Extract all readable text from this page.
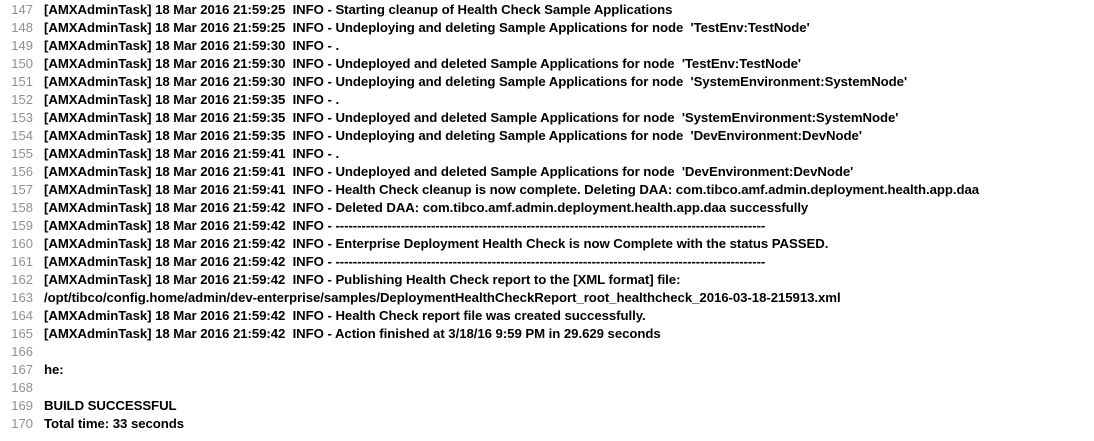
147 [AMXAdminTask] 18 Mar 2016 21:59:25  INFO - Starting cleanup of Health Check Sample Applications
148 [AMXAdminTask] 18 Mar 2016 21:59:25  INFO - Undeploying and deleting Sample Applications for node  'TestEnv:TestNode'
149 [AMXAdminTask] 18 Mar 2016 21:59:30  INFO - .
150 [AMXAdminTask] 18 Mar 2016 21:59:30  INFO - Undeployed and deleted Sample Applications for node  'TestEnv:TestNode'
151 [AMXAdminTask] 18 Mar 2016 21:59:30  INFO - Undeploying and deleting Sample Applications for node  'SystemEnvironment:SystemNode'
152 [AMXAdminTask] 18 Mar 2016 21:59:35  INFO - .
153 [AMXAdminTask] 18 Mar 2016 21:59:35  INFO - Undeployed and deleted Sample Applications for node  'SystemEnvironment:SystemNode'
154 [AMXAdminTask] 18 Mar 2016 21:59:35  INFO - Undeploying and deleting Sample Applications for node  'DevEnvironment:DevNode'
155 [AMXAdminTask] 18 Mar 2016 21:59:41  INFO - .
156 [AMXAdminTask] 18 Mar 2016 21:59:41  INFO - Undeployed and deleted Sample Applications for node  'DevEnvironment:DevNode'
157 [AMXAdminTask] 18 Mar 2016 21:59:41  INFO - Health Check cleanup is now complete. Deleting DAA: com.tibco.amf.admin.deployment.health.app.daa
158 [AMXAdminTask] 18 Mar 2016 21:59:42  INFO - Deleted DAA: com.tibco.amf.admin.deployment.health.app.daa successfully
159 [AMXAdminTask] 18 Mar 2016 21:59:42  INFO - ---------------------------------------------------------------------------------------------------
160 [AMXAdminTask] 18 Mar 2016 21:59:42  INFO - Enterprise Deployment Health Check is now Complete with the status PASSED.
161 [AMXAdminTask] 18 Mar 2016 21:59:42  INFO - ---------------------------------------------------------------------------------------------------
162 [AMXAdminTask] 18 Mar 2016 21:59:42  INFO - Publishing Health Check report to the [XML format] file:
163 /opt/tibco/config.home/admin/dev-enterprise/samples/DeploymentHealthCheckReport_root_healthcheck_2016-03-18-215913.xml
164 [AMXAdminTask] 18 Mar 2016 21:59:42  INFO - Health Check report file was created successfully.
165 [AMXAdminTask] 18 Mar 2016 21:59:42  INFO - Action finished at 3/18/16 9:59 PM in 29.629 seconds
166
167 he:
168
169 BUILD SUCCESSFUL
170 Total time: 33 seconds
